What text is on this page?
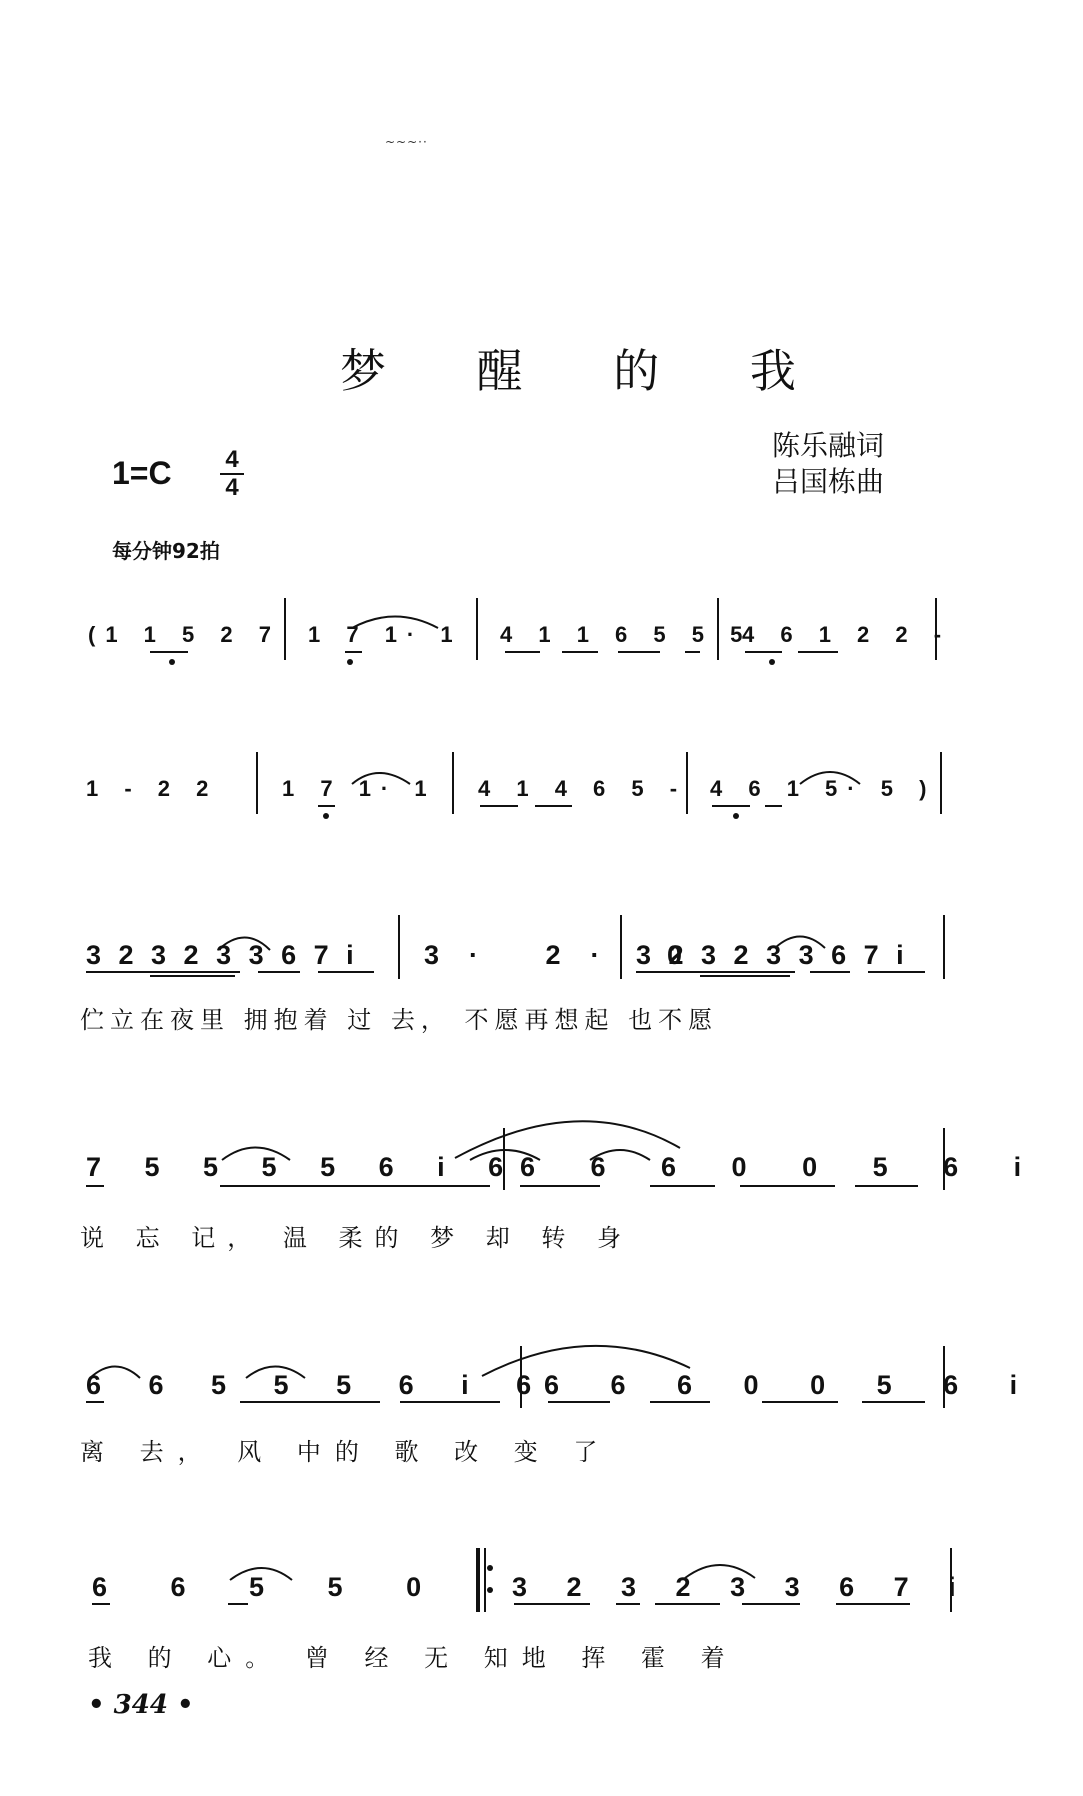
~~~··
梦 醒 的 我
陈乐融词
吕国栋曲
1=C 4
4
每分钟92拍
(1 1 5 2 7 1 7 1· 1 4 1 1 6 5 5 5
4 6 1 2 2 -
1 - 2 2	1 7 1· 1 4 1 4 6 5 - 4 6 1 5· 5 )
3 2 3 2 3 3 6 7 i 3· 2· 0
3 2 3 2 3 3 6 7 i
伫立在夜里 拥抱着 过 去， 不愿再想起 也不愿
7 5 5 5 5 6 i 6
6 6 6 0 0 5 6 i
说 忘 记， 温 柔的 梦 却 转 身
6 6 5 5 5 6 i 6
6 6 6 0 0 5 6 i
离 去， 风 中的 歌 改 变 了
6 6 5 5 0 3 2 3 2 3 3 6 7 i
我 的 心。 曾 经 无 知地 挥 霍 着
• 344 •
